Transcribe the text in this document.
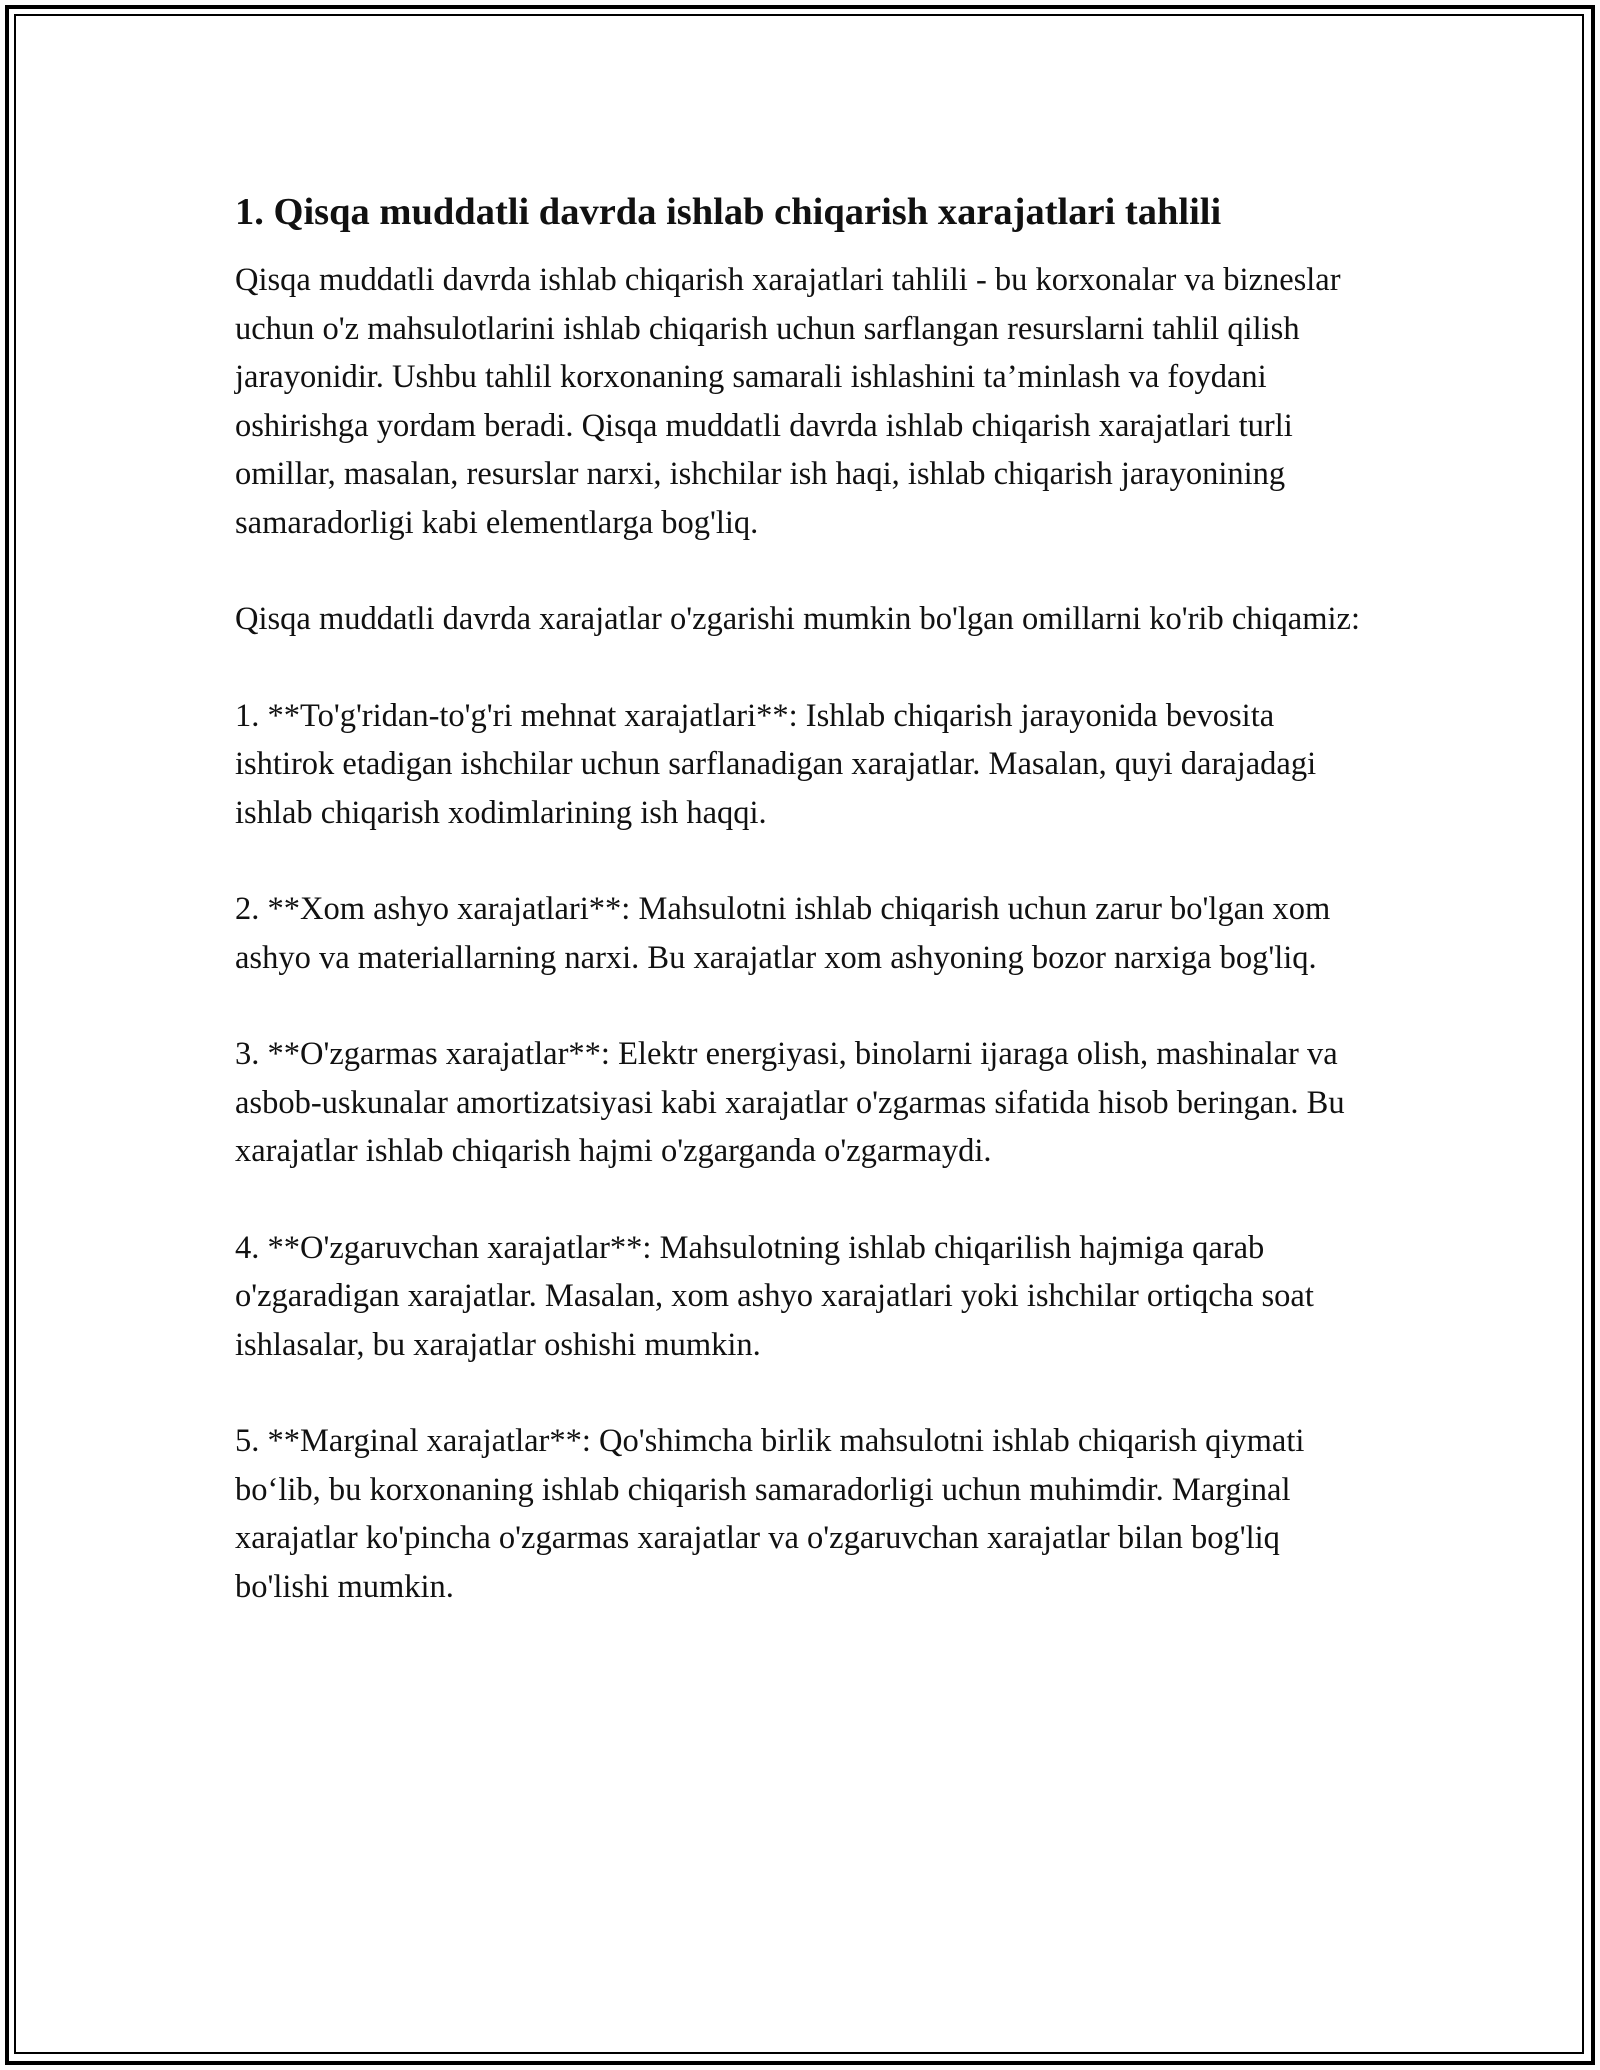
1. Qisqa muddatli davrda ishlab chiqarish xarajatlari tahlili

Qisqa muddatli davrda ishlab chiqarish xarajatlari tahlili - bu korxonalar va bizneslar uchun o'z mahsulotlarini ishlab chiqarish uchun sarflangan resurslarni tahlil qilish jarayonidir. Ushbu tahlil korxonaning samarali ishlashini ta’minlash va foydani oshirishga yordam beradi. Qisqa muddatli davrda ishlab chiqarish xarajatlari turli omillar, masalan, resurslar narxi, ishchilar ish haqi, ishlab chiqarish jarayonining samaradorligi kabi elementlarga bog'liq.

Qisqa muddatli davrda xarajatlar o'zgarishi mumkin bo'lgan omillarni ko'rib chiqamiz:

1. **To'g'ridan-to'g'ri mehnat xarajatlari**: Ishlab chiqarish jarayonida bevosita ishtirok etadigan ishchilar uchun sarflanadigan xarajatlar. Masalan, quyi darajadagi ishlab chiqarish xodimlarining ish haqqi.

2. **Xom ashyo xarajatlari**: Mahsulotni ishlab chiqarish uchun zarur bo'lgan xom ashyo va materiallarning narxi. Bu xarajatlar xom ashyoning bozor narxiga bog'liq.

3. **O'zgarmas xarajatlar**: Elektr energiyasi, binolarni ijaraga olish, mashinalar va asbob-uskunalar amortizatsiyasi kabi xarajatlar o'zgarmas sifatida hisob beringan. Bu xarajatlar ishlab chiqarish hajmi o'zgarganda o'zgarmaydi.

4. **O'zgaruvchan xarajatlar**: Mahsulotning ishlab chiqarilish hajmiga qarab o'zgaradigan xarajatlar. Masalan, xom ashyo xarajatlari yoki ishchilar ortiqcha soat ishlasalar, bu xarajatlar oshishi mumkin.

5. **Marginal xarajatlar**: Qo'shimcha birlik mahsulotni ishlab chiqarish qiymati bo‘lib, bu korxonaning ishlab chiqarish samaradorligi uchun muhimdir. Marginal xarajatlar ko'pincha o'zgarmas xarajatlar va o'zgaruvchan xarajatlar bilan bog'liq bo'lishi mumkin.
